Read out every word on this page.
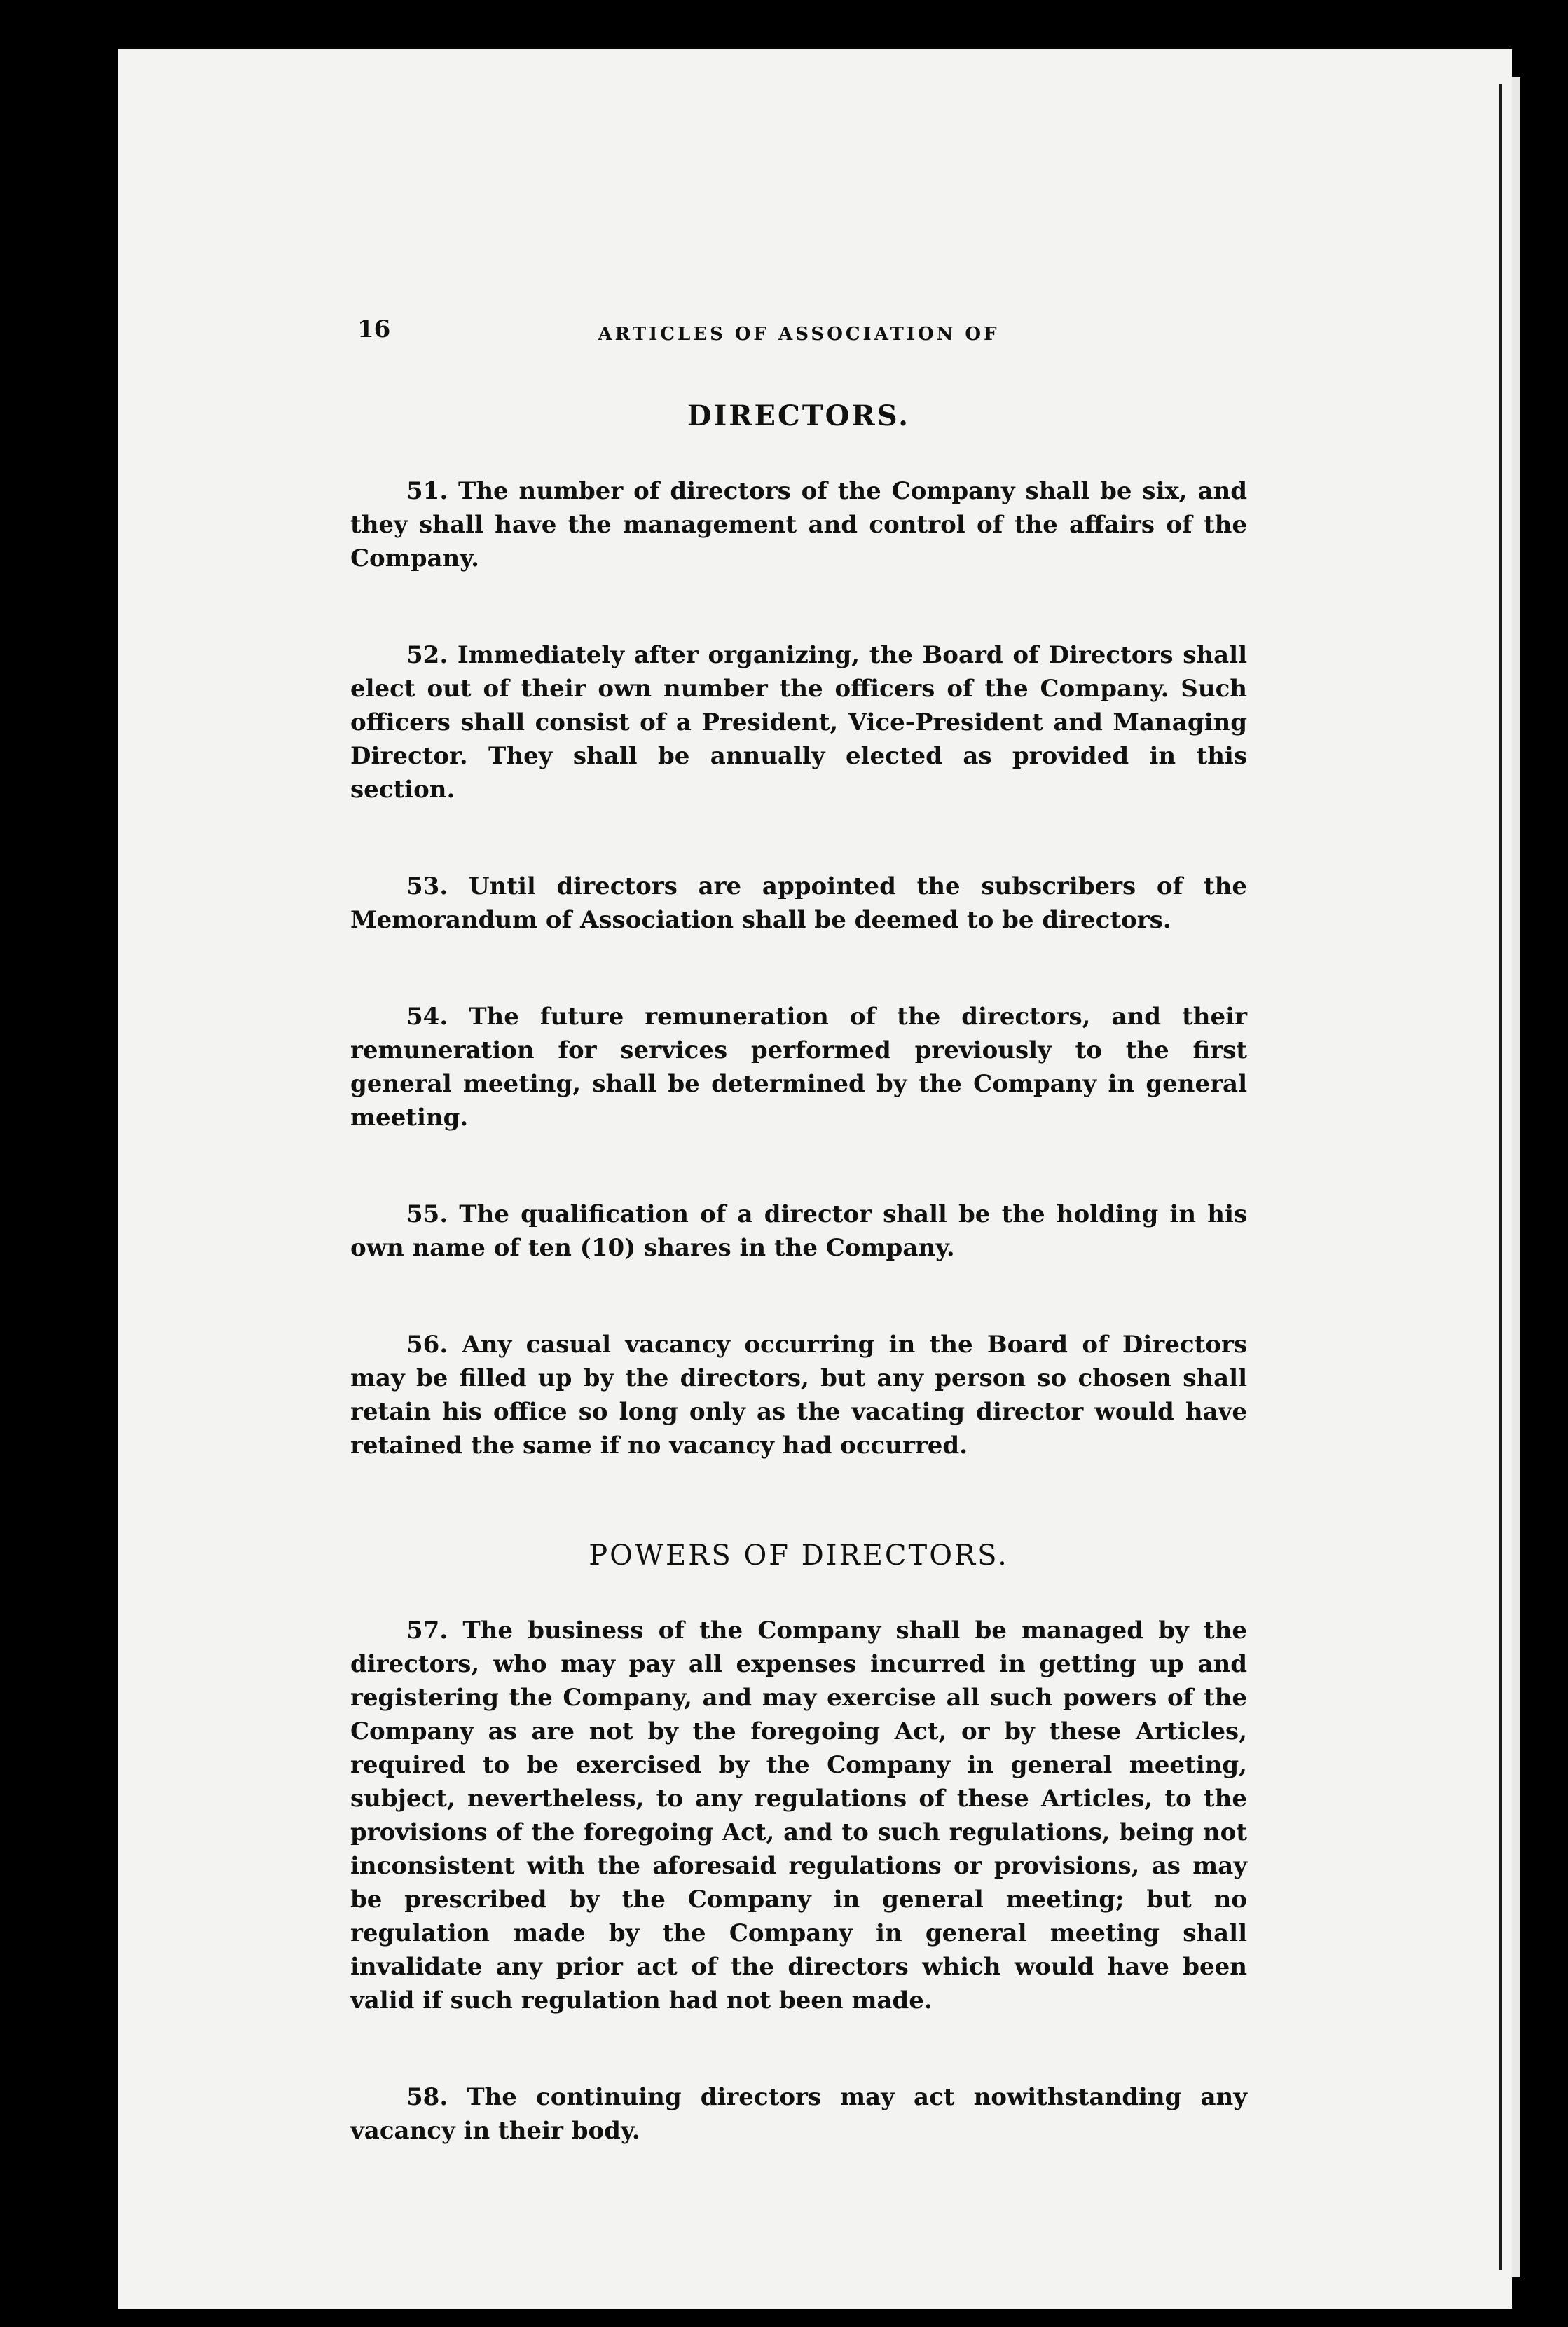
16	ARTICLES OF ASSOCIATION OF
DIRECTORS.

51. The number of directors of the Company shall be six, and they shall have the management and control of the affairs of the Company.

52. Immediately after organizing, the Board of Directors shall elect out of their own number the officers of the Company. Such officers shall consist of a President, Vice-President and Managing Director. They shall be annually elected as provided in this section.

53. Until directors are appointed the subscribers of the Memorandum of Association shall be deemed to be directors.

54. The future remuneration of the directors, and their remuneration for services performed previously to the first general meeting, shall be determined by the Company in general meeting.

55. The qualification of a director shall be the holding in his own name of ten (10) shares in the Company.

56. Any casual vacancy occurring in the Board of Directors may be filled up by the directors, but any person so chosen shall retain his office so long only as the vacating director would have retained the same if no vacancy had occurred.

POWERS OF DIRECTORS.

57. The business of the Company shall be managed by the directors, who may pay all expenses incurred in getting up and registering the Company, and may exercise all such powers of the Company as are not by the foregoing Act, or by these Articles, required to be exercised by the Company in general meeting, subject, nevertheless, to any regulations of these Articles, to the provisions of the foregoing Act, and to such regulations, being not inconsistent with the aforesaid regulations or provisions, as may be prescribed by the Company in general meeting; but no regulation made by the Company in general meeting shall invalidate any prior act of the directors which would have been valid if such regulation had not been made.

58. The continuing directors may act nowithstanding any vacancy in their body.
